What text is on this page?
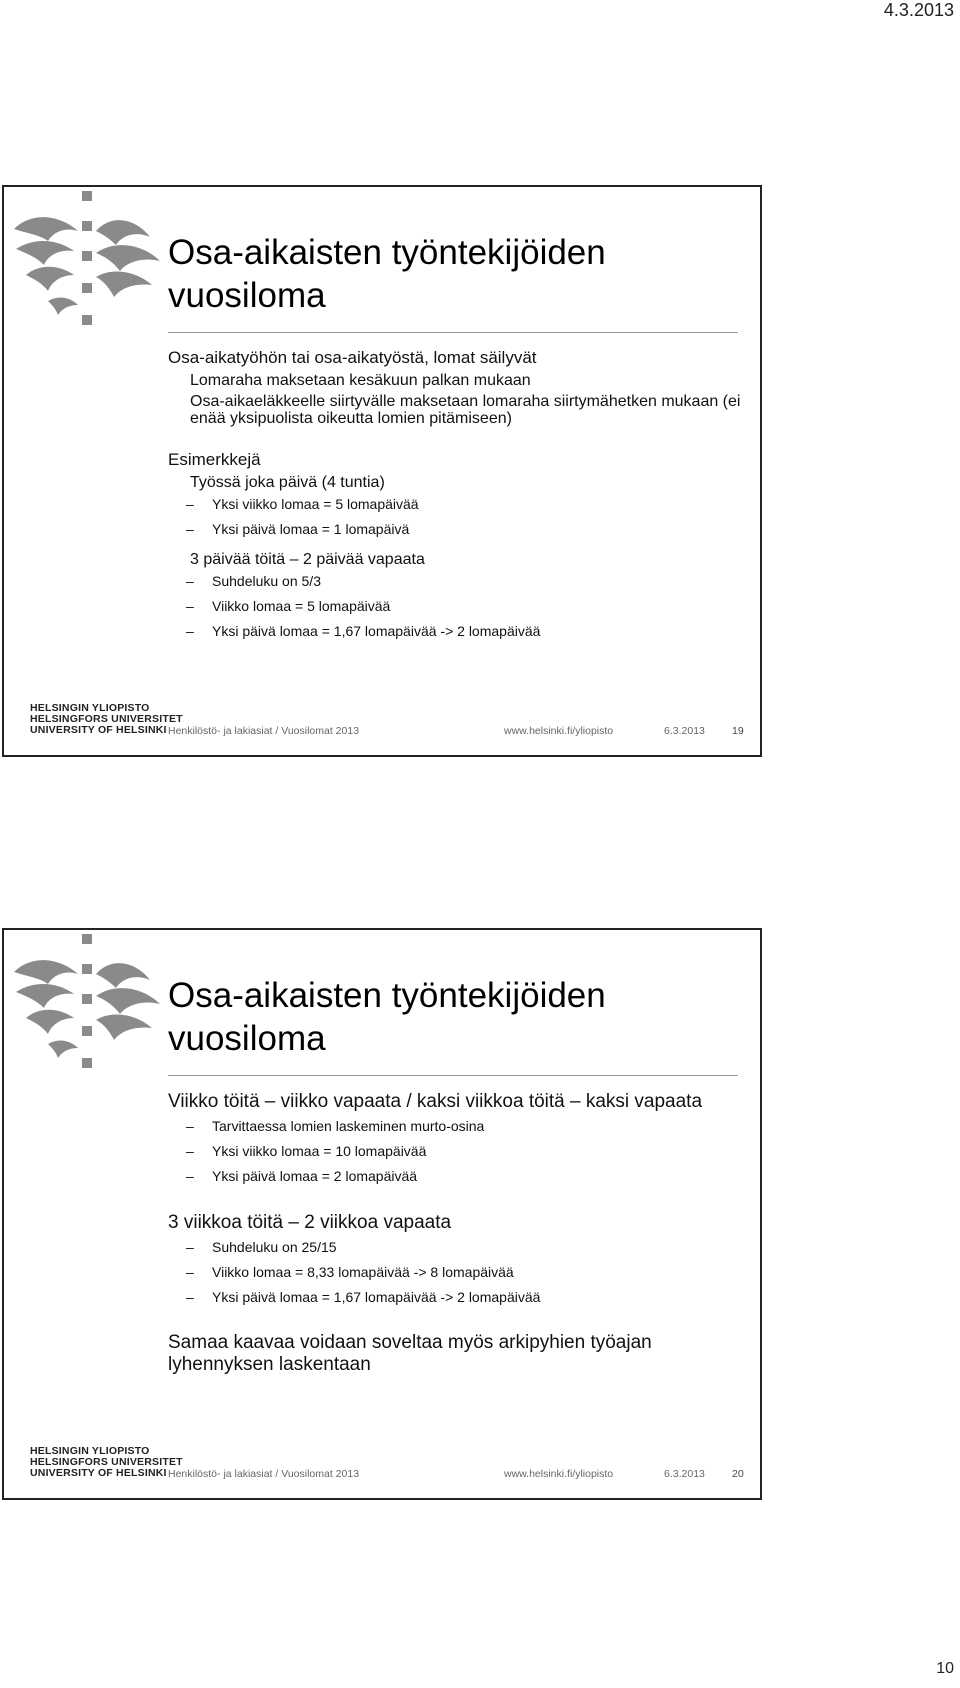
4.3.2013
Osa-aikaisten työntekijöiden
vuosiloma
Osa-aikatyöhön tai osa-aikatyöstä, lomat säilyvät
Lomaraha maksetaan kesäkuun palkan mukaan
Osa-aikaeläkkeelle siirtyvälle maksetaan lomaraha siirtymähetken mukaan (ei enää yksipuolista oikeutta lomien pitämiseen)
Esimerkkejä
Työssä joka päivä (4 tuntia)
– Yksi viikko lomaa = 5 lomapäivää
– Yksi päivä lomaa = 1 lomapäivä
3 päivää töitä – 2 päivää vapaata
– Suhdeluku on 5/3
– Viikko lomaa = 5 lomapäivää
– Yksi päivä lomaa = 1,67 lomapäivää -> 2 lomapäivää
HELSINGIN YLIOPISTO
HELSINGFORS UNIVERSITET
UNIVERSITY OF HELSINKI Henkilöstö- ja lakiasiat / Vuosilomat 2013	www.helsinki.fi/yliopisto	6.3.2013	19
Osa-aikaisten työntekijöiden
vuosiloma
Viikko töitä – viikko vapaata / kaksi viikkoa töitä – kaksi vapaata
– Tarvittaessa lomien laskeminen murto-osina
– Yksi viikko lomaa = 10 lomapäivää
– Yksi päivä lomaa = 2 lomapäivää
3 viikkoa töitä – 2 viikkoa vapaata
– Suhdeluku on 25/15
– Viikko lomaa = 8,33 lomapäivää -> 8 lomapäivää
– Yksi päivä lomaa = 1,67 lomapäivää -> 2 lomapäivää
Samaa kaavaa voidaan soveltaa myös arkipyhien työajan lyhennyksen laskentaan
HELSINGIN YLIOPISTO
HELSINGFORS UNIVERSITET
UNIVERSITY OF HELSINKI Henkilöstö- ja lakiasiat / Vuosilomat 2013	www.helsinki.fi/yliopisto	6.3.2013	20
10
